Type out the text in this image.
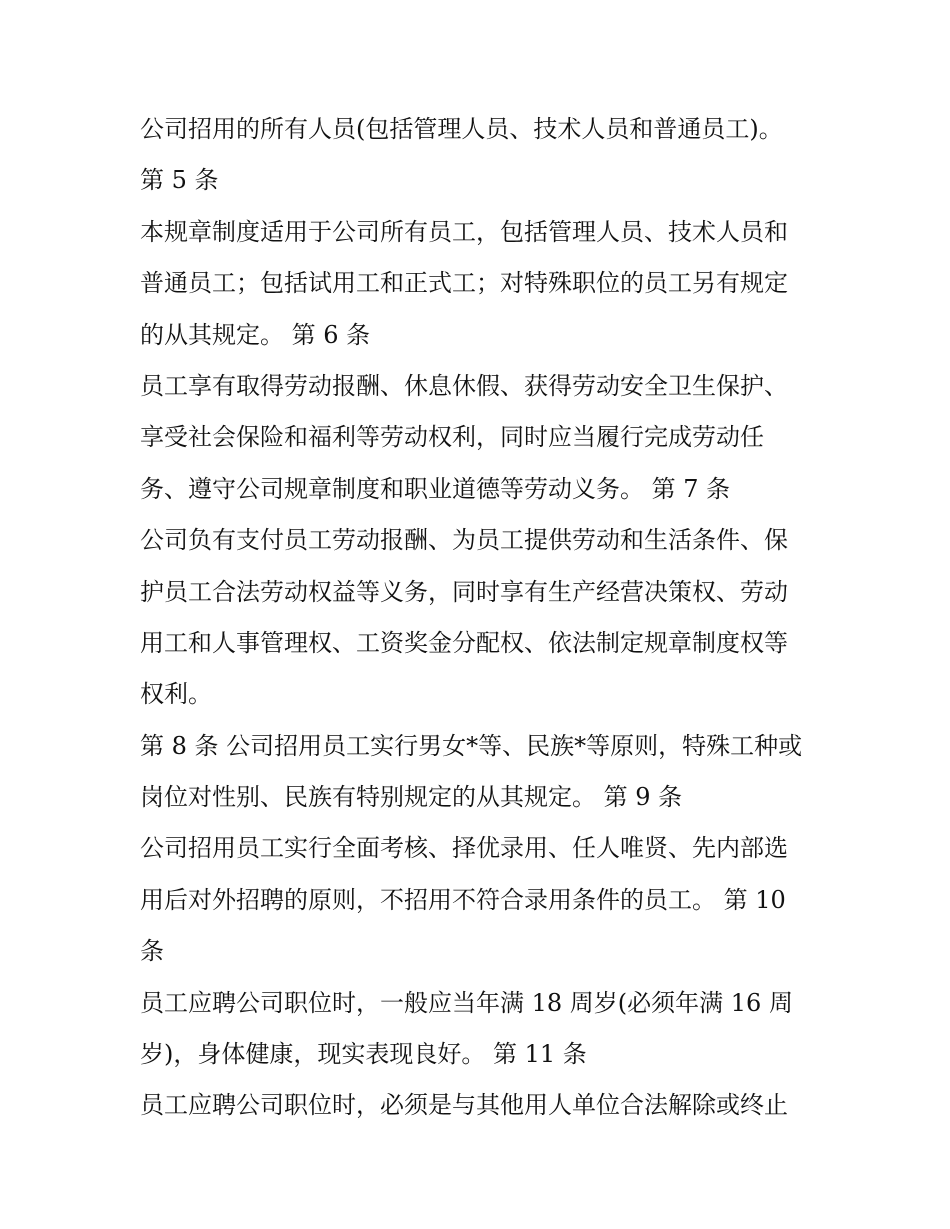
公司招用的所有人员(包括管理人员、技术人员和普通员工)。
第 5 条
本规章制度适用于公司所有员工，包括管理人员、技术人员和
普通员工；包括试用工和正式工；对特殊职位的员工另有规定
的从其规定。 第 6 条
员工享有取得劳动报酬、休息休假、获得劳动安全卫生保护、
享受社会保险和福利等劳动权利，同时应当履行完成劳动任
务、遵守公司规章制度和职业道德等劳动义务。 第 7 条
公司负有支付员工劳动报酬、为员工提供劳动和生活条件、保
护员工合法劳动权益等义务，同时享有生产经营决策权、劳动
用工和人事管理权、工资奖金分配权、依法制定规章制度权等
权利。
第 8 条 公司招用员工实行男女*等、民族*等原则，特殊工种或
岗位对性别、民族有特别规定的从其规定。 第 9 条
公司招用员工实行全面考核、择优录用、任人唯贤、先内部选
用后对外招聘的原则，不招用不符合录用条件的员工。 第 10
条
员工应聘公司职位时，一般应当年满 18 周岁(必须年满 16 周
岁)，身体健康，现实表现良好。 第 11 条
员工应聘公司职位时，必须是与其他用人单位合法解除或终止
